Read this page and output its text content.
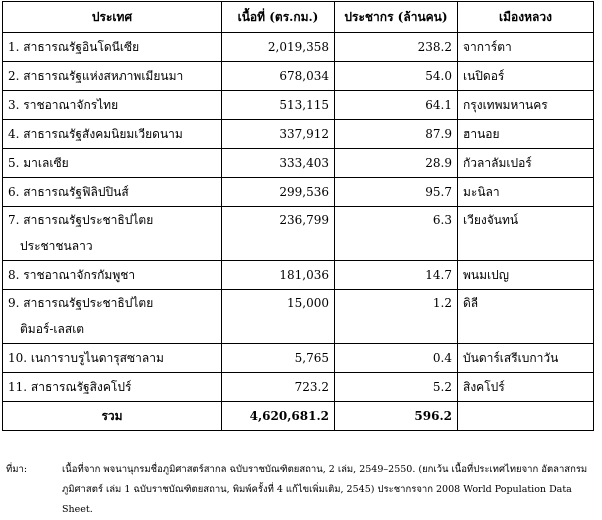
ประเทศ	เนื้อที่ (ตร.กม.)	ประชากร (ล้านคน)	เมืองหลวง
1. สาธารณรัฐอินโดนีเซีย	2,019,358	238.2	จาการ์ตา
2. สาธารณรัฐแห่งสหภาพเมียนมา	678,034	54.0	เนปิดอร์
3. ราชอาณาจักรไทย	513,115	64.1	กรุงเทพมหานคร
4. สาธารณรัฐสังคมนิยมเวียดนาม	337,912	87.9	ฮานอย
5. มาเลเซีย	333,403	28.9	กัวลาลัมเปอร์
6. สาธารณรัฐฟิลิปปินส์	299,536	95.7	มะนิลา

7. สาธารณรัฐประชาธิปไตย
ประชาชนลาว	236,799	6.3	เวียงจันทน์
8. ราชอาณาจักรกัมพูชา	181,036	14.7	พนมเปญ

9. สาธารณรัฐประชาธิปไตย
ติมอร์-เลสเต	15,000	1.2	ดิลี
10. เนการาบรูไนดารุสซาลาม	5,765	0.4	บันดาร์เสรีเบกาวัน
11. สาธารณรัฐสิงคโปร์	723.2	5.2	สิงคโปร์
รวม	4,620,681.2	596.2	
ที่มา:	เนื้อที่จาก พจนานุกรมชื่อภูมิศาสตร์สากล ฉบับราชบัณฑิตยสถาน, 2 เล่ม, 2549–2550. (ยกเว้น เนื้อที่ประเทศไทยจาก อัตลาสกรม
ภูมิศาสตร์ เล่ม 1 ฉบับราชบัณฑิตยสถาน, พิมพ์ครั้งที่ 4 แก้ไขเพิ่มเติม, 2545) ประชากรจาก 2008 World Population Data Sheet.
